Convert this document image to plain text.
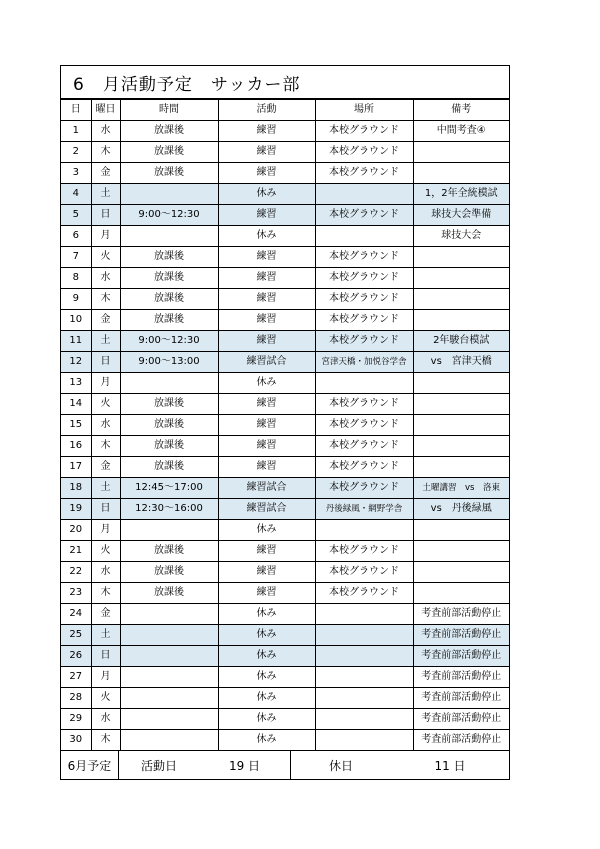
6　月活動予定　サッカー部
日	曜日	時間	活動	場所	備考
1	水	放課後	練習	本校グラウンド	中間考査④
2	木	放課後	練習	本校グラウンド	
3	金	放課後	練習	本校グラウンド	
4	土		休み		1，2年全統模試
5	日	9:00～12:30	練習	本校グラウンド	球技大会準備
6	月		休み		球技大会
7	火	放課後	練習	本校グラウンド	
8	水	放課後	練習	本校グラウンド	
9	木	放課後	練習	本校グラウンド	
10	金	放課後	練習	本校グラウンド	
11	土	9:00～12:30	練習	本校グラウンド	2年駿台模試
12	日	9:00～13:00	練習試合	宮津天橋・加悦谷学舎	vs　宮津天橋
13	月		休み		
14	火	放課後	練習	本校グラウンド	
15	水	放課後	練習	本校グラウンド	
16	木	放課後	練習	本校グラウンド	
17	金	放課後	練習	本校グラウンド	
18	土	12:45～17:00	練習試合	本校グラウンド	土曜講習　vs　洛東
19	日	12:30～16:00	練習試合	丹後緑風・網野学舎	vs　丹後緑風
20	月		休み		
21	火	放課後	練習	本校グラウンド	
22	水	放課後	練習	本校グラウンド	
23	木	放課後	練習	本校グラウンド	
24	金		休み		考査前部活動停止
25	土		休み		考査前部活動停止
26	日		休み		考査前部活動停止
27	月		休み		考査前部活動停止
28	火		休み		考査前部活動停止
29	水		休み		考査前部活動停止
30	木		休み		考査前部活動停止
6月予定	活動日	19 日	休日	11 日
